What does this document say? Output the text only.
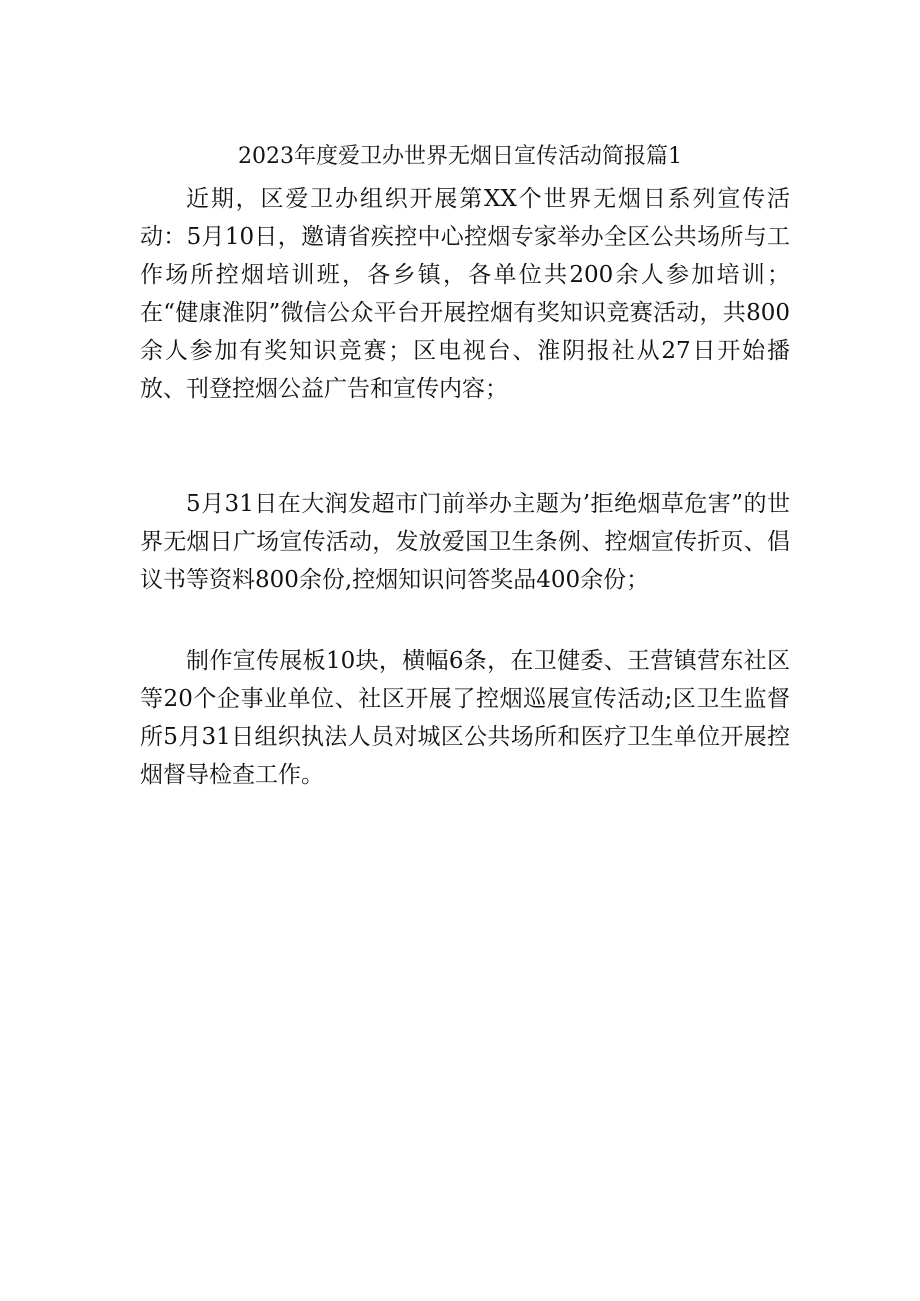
2023年度爱卫办世界无烟日宣传活动简报篇1

近期，区爱卫办组织开展第XX个世界无烟日系列宣传活动：5月10日，邀请省疾控中心控烟专家举办全区公共场所与工作场所控烟培训班，各乡镇，各单位共200余人参加培训；在“健康淮阴”微信公众平台开展控烟有奖知识竞赛活动，共800余人参加有奖知识竞赛；区电视台、淮阴报社从27日开始播放、刊登控烟公益广告和宣传内容；

5月31日在大润发超市门前举办主题为’拒绝烟草危害”的世界无烟日广场宣传活动，发放爱国卫生条例、控烟宣传折页、倡议书等资料800余份,控烟知识问答奖品400余份；

制作宣传展板10块，横幅6条，在卫健委、王营镇营东社区等20个企事业单位、社区开展了控烟巡展宣传活动;区卫生监督所5月31日组织执法人员对城区公共场所和医疗卫生单位开展控烟督导检查工作。
